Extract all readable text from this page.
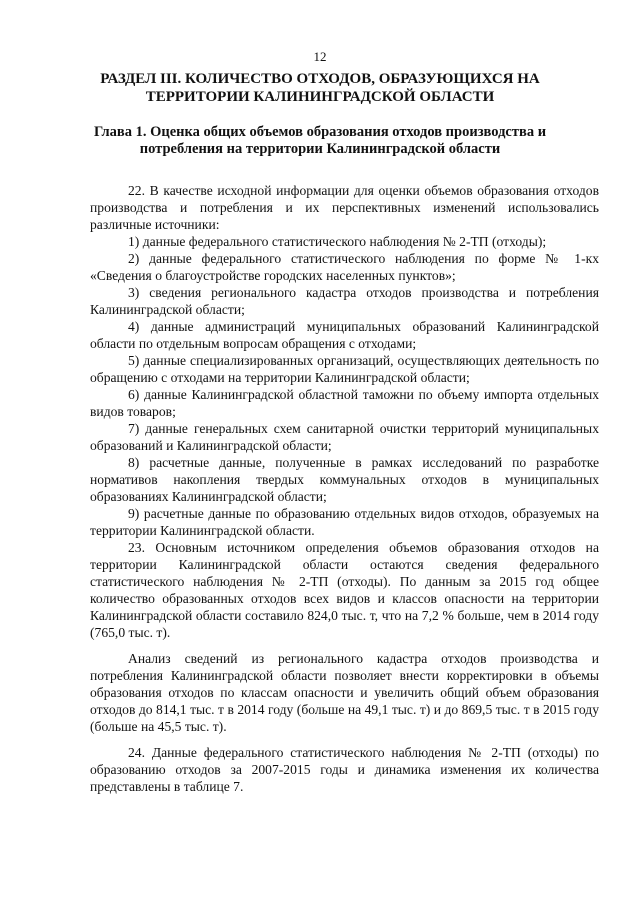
12
РАЗДЕЛ III. КОЛИЧЕСТВО ОТХОДОВ, ОБРАЗУЮЩИХСЯ НА ТЕРРИТОРИИ КАЛИНИНГРАДСКОЙ ОБЛАСТИ
Глава 1. Оценка общих объемов образования отходов производства и потребления на территории Калининградской области

22. В качестве исходной информации для оценки объемов образования отходов производства и потребления и их перспективных изменений использовались различные источники:

1) данные федерального статистического наблюдения № 2-ТП (отходы);

2) данные федерального статистического наблюдения по форме № 1-кх «Сведения о благоустройстве городских населенных пунктов»;

3) сведения регионального кадастра отходов производства и потребления Калининградской области;

4) данные администраций муниципальных образований Калининградской области по отдельным вопросам обращения с отходами;

5) данные специализированных организаций, осуществляющих деятельность по обращению с отходами на территории Калининградской области;

6) данные Калининградской областной таможни по объему импорта отдельных видов товаров;

7) данные генеральных схем санитарной очистки территорий муниципальных образований и Калининградской области;

8) расчетные данные, полученные в рамках исследований по разработке нормативов накопления твердых коммунальных отходов в муниципальных образованиях Калининградской области;

9) расчетные данные по образованию отдельных видов отходов, образуемых на территории Калининградской области.

23. Основным источником определения объемов образования отходов на территории Калининградской области остаются сведения федерального статистического наблюдения № 2-ТП (отходы). По данным за 2015 год общее количество образованных отходов всех видов и классов опасности на территории Калининградской области составило 824,0 тыс. т, что на 7,2 % больше, чем в 2014 году (765,0 тыс. т).

Анализ сведений из регионального кадастра отходов производства и потребления Калининградской области позволяет внести корректировки в объемы образования отходов по классам опасности и увеличить общий объем образования отходов до 814,1 тыс. т в 2014 году (больше на 49,1 тыс. т) и до 869,5 тыс. т в 2015 году (больше на 45,5 тыс. т).

24. Данные федерального статистического наблюдения № 2-ТП (отходы) по образованию отходов за 2007-2015 годы и динамика изменения их количества представлены в таблице 7.
